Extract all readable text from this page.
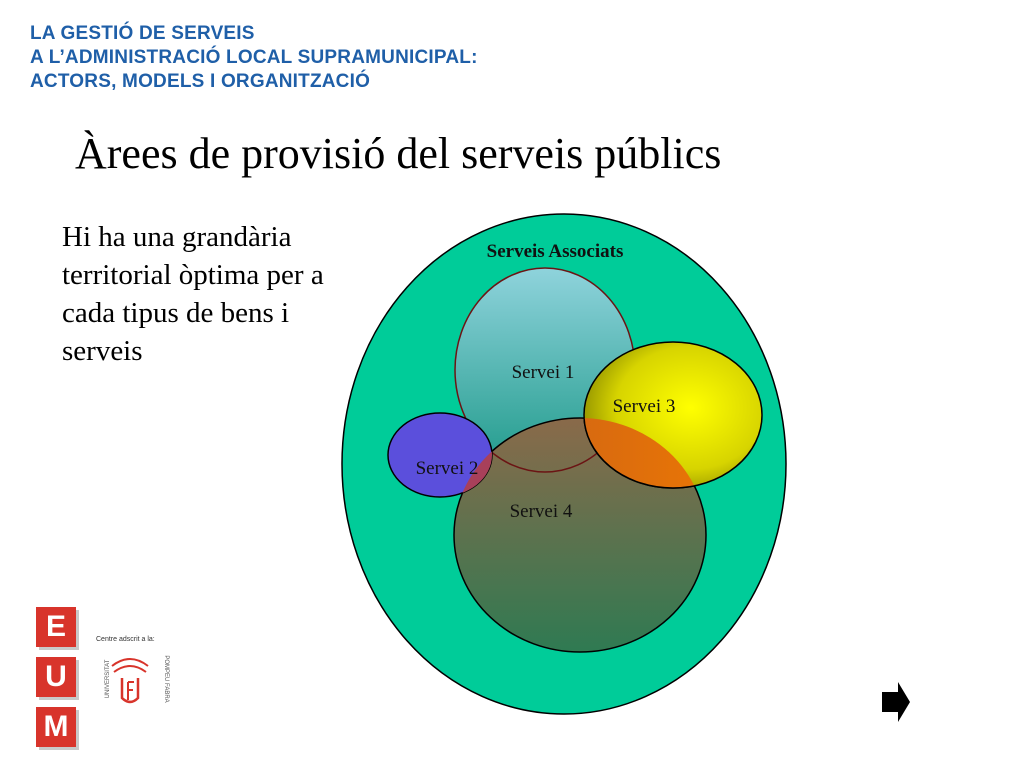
LA GESTIÓ DE SERVEIS
A L’ADMINISTRACIÓ LOCAL SUPRAMUNICIPAL:
ACTORS, MODELS I ORGANITZACIÓ
Àrees de provisió del serveis públics
Hi ha una grandària territorial òptima per a cada tipus de bens i serveis
Serveis Associats
Servei 1
Servei 3
Servei 2
Servei 4
E
U
M
Centre adscrit a la:
UNIVERSITAT	POMPEU FABRA
